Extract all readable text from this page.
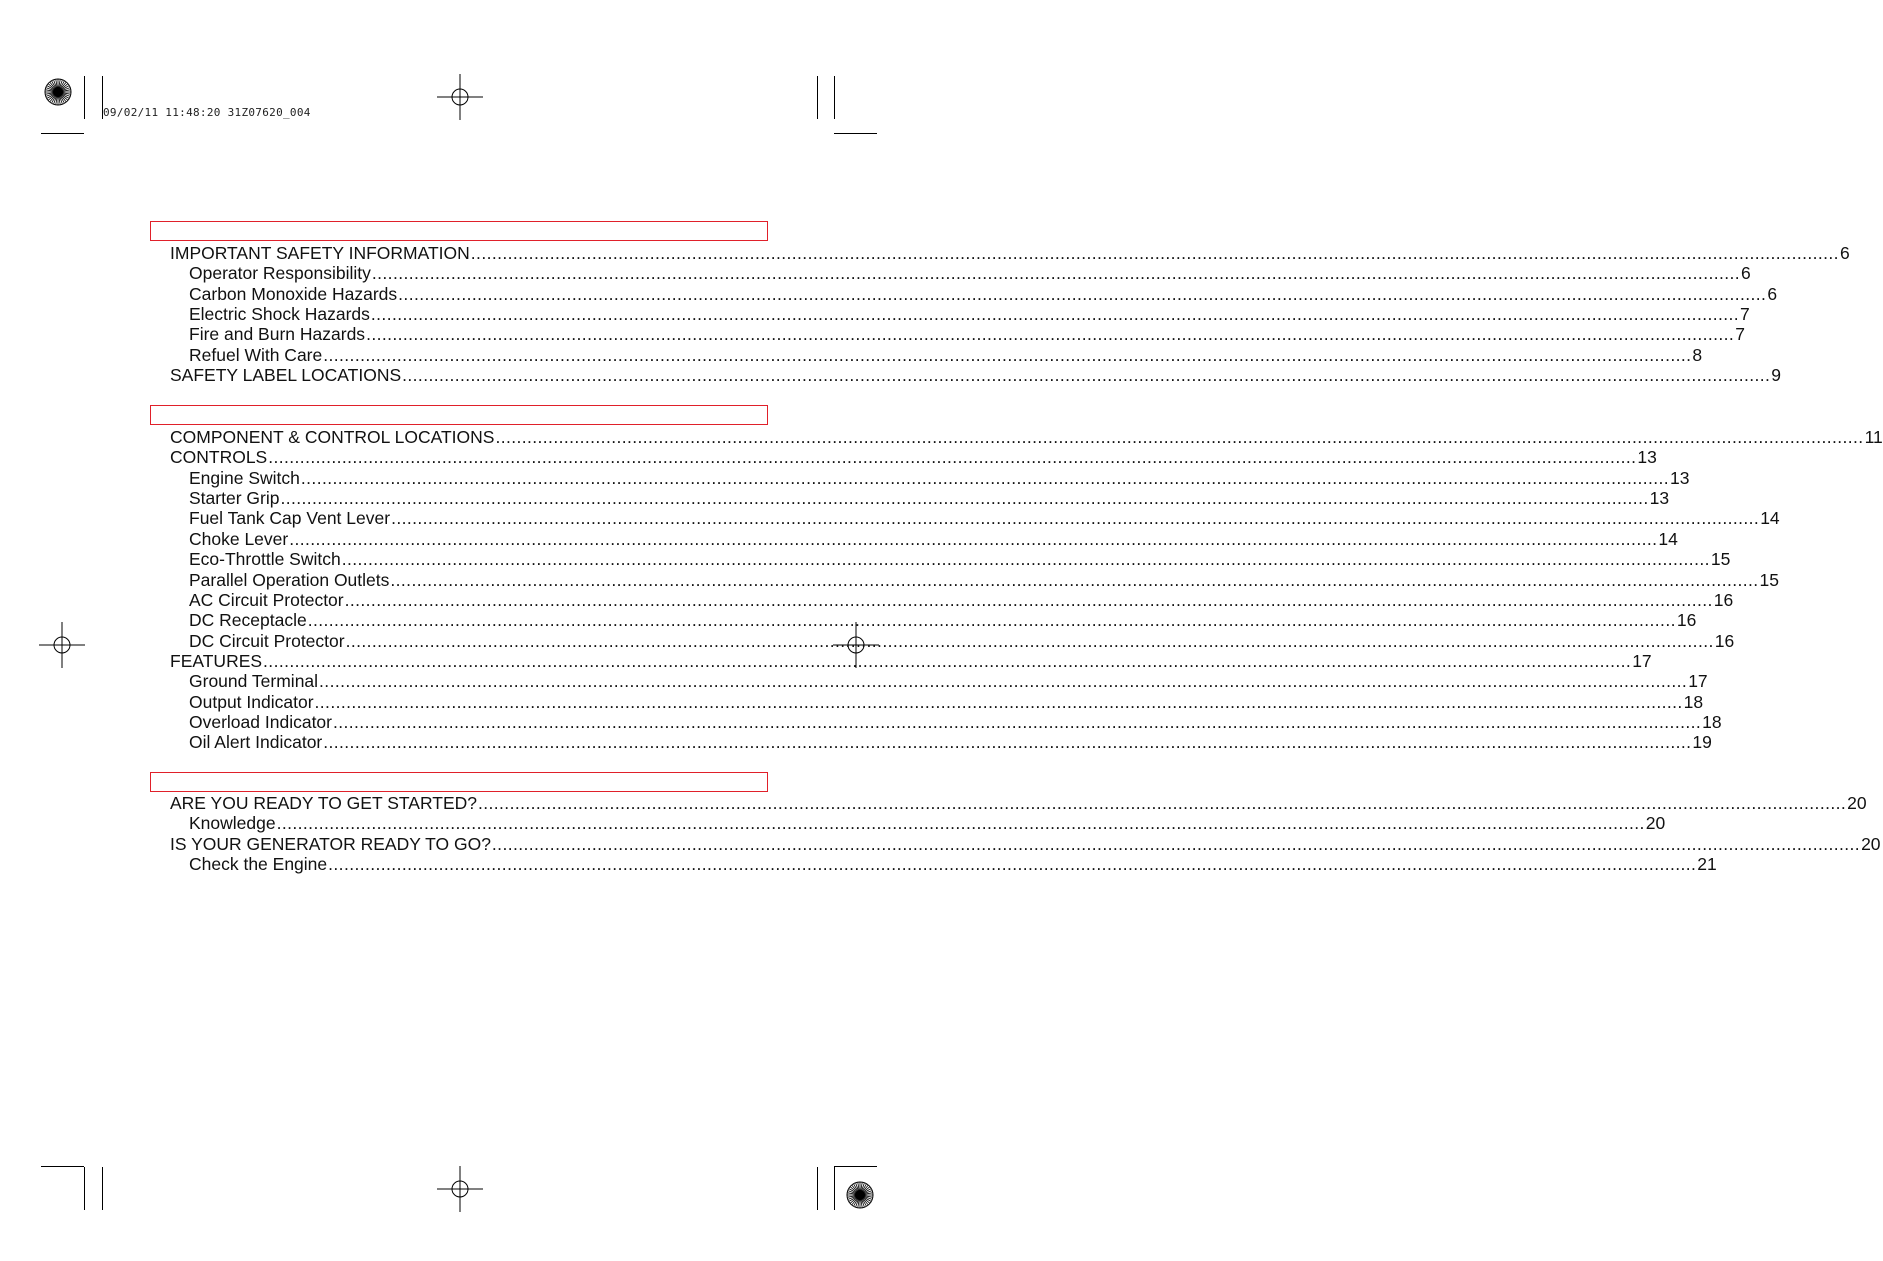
09/02/11 11:48:20 31Z07620_004
IMPORTANT SAFETY INFORMATION .................................................................................................................................................................................................................................................................... 6
Operator Responsibility .................................................................................................................................................................................................................................................................... 6
Carbon Monoxide Hazards .................................................................................................................................................................................................................................................................... 6
Electric Shock Hazards .................................................................................................................................................................................................................................................................... 7
Fire and Burn Hazards .................................................................................................................................................................................................................................................................... 7
Refuel With Care .................................................................................................................................................................................................................................................................... 8
SAFETY LABEL LOCATIONS .................................................................................................................................................................................................................................................................... 9
COMPONENT & CONTROL LOCATIONS .................................................................................................................................................................................................................................................................... 11
CONTROLS .................................................................................................................................................................................................................................................................... 13
Engine Switch .................................................................................................................................................................................................................................................................... 13
Starter Grip .................................................................................................................................................................................................................................................................... 13
Fuel Tank Cap Vent Lever .................................................................................................................................................................................................................................................................... 14
Choke Lever .................................................................................................................................................................................................................................................................... 14
Eco-Throttle Switch .................................................................................................................................................................................................................................................................... 15
Parallel Operation Outlets .................................................................................................................................................................................................................................................................... 15
AC Circuit Protector .................................................................................................................................................................................................................................................................... 16
DC Receptacle .................................................................................................................................................................................................................................................................... 16
DC Circuit Protector .................................................................................................................................................................................................................................................................... 16
FEATURES .................................................................................................................................................................................................................................................................... 17
Ground Terminal .................................................................................................................................................................................................................................................................... 17
Output Indicator .................................................................................................................................................................................................................................................................... 18
Overload Indicator .................................................................................................................................................................................................................................................................... 18
Oil Alert Indicator .................................................................................................................................................................................................................................................................... 19
ARE YOU READY TO GET STARTED? .................................................................................................................................................................................................................................................................... 20
Knowledge .................................................................................................................................................................................................................................................................... 20
IS YOUR GENERATOR READY TO GO? .................................................................................................................................................................................................................................................................... 20
Check the Engine .................................................................................................................................................................................................................................................................... 21
